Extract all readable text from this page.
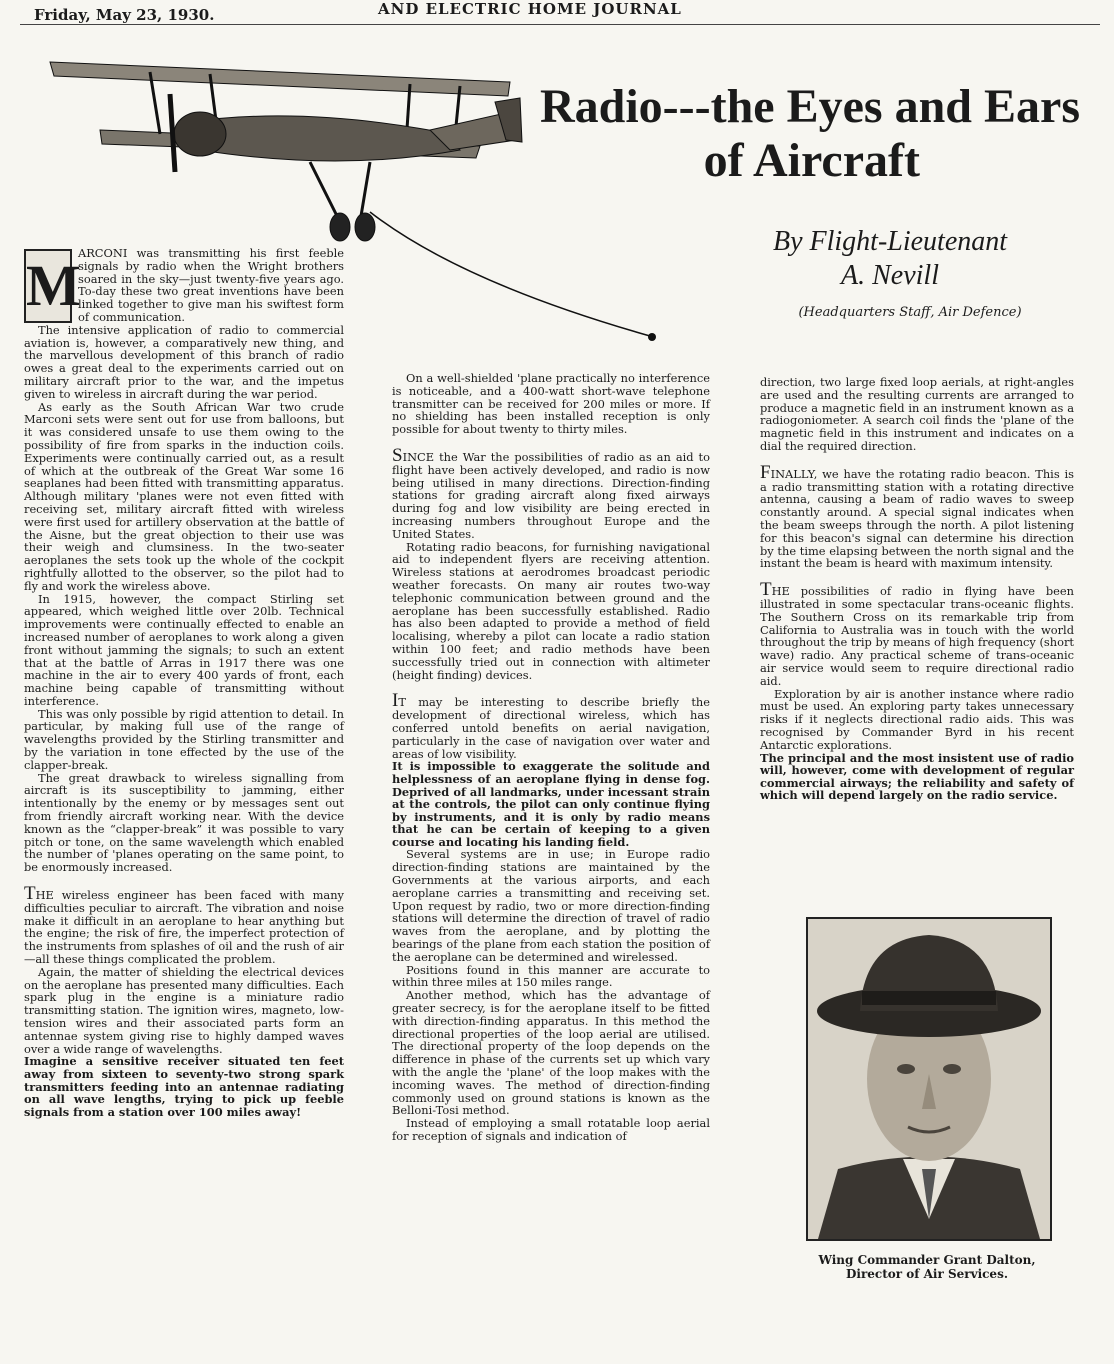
Friday, May 23, 1930.	AND ELECTRIC HOME JOURNAL
Radio---the Eyes and Ears
of Aircraft
By Flight-Lieutenant
A. Nevill
(Headquarters Staff, Air Defence)
M

ARCONI was transmitting his first feeble signals by radio when the Wright brothers soared in the sky—just twenty-five years ago. To-day these two great inventions have been linked together to give man his swiftest form of communication.

The intensive application of radio to commercial aviation is, however, a comparatively new thing, and the marvellous development of this branch of radio owes a great deal to the experiments carried out on military aircraft prior to the war, and the impetus given to wireless in aircraft during the war period.

As early as the South African War two crude Marconi sets were sent out for use from balloons, but it was considered unsafe to use them owing to the possibility of fire from sparks in the induction coils. Experiments were continually carried out, as a result of which at the outbreak of the Great War some 16 seaplanes had been fitted with transmitting apparatus. Although military 'planes were not even fitted with receiving set, military aircraft fitted with wireless were first used for artillery observation at the battle of the Aisne, but the great objection to their use was their weigh and clumsiness. In the two-seater aeroplanes the sets took up the whole of the cockpit rightfully allotted to the observer, so the pilot had to fly and work the wireless above.

In 1915, however, the compact Stirling set appeared, which weighed little over 20lb. Technical improvements were continually effected to enable an increased number of aeroplanes to work along a given front without jamming the signals; to such an extent that at the battle of Arras in 1917 there was one machine in the air to every 400 yards of front, each machine being capable of transmitting without interference.

This was only possible by rigid attention to detail. In particular, by making full use of the range of wavelengths provided by the Stirling transmitter and by the variation in tone effected by the use of the clapper-break.

The great drawback to wireless signalling from aircraft is its susceptibility to jamming, either intentionally by the enemy or by messages sent out from friendly aircraft working near. With the device known as the “clapper-break” it was possible to vary pitch or tone, on the same wavelength which enabled the number of 'planes operating on the same point, to be enormously increased.

THE wireless engineer has been faced with many difficulties peculiar to aircraft. The vibration and noise make it difficult in an aeroplane to hear anything but the engine; the risk of fire, the imperfect protection of the instruments from splashes of oil and the rush of air—all these things complicated the problem.

Again, the matter of shielding the electrical devices on the aeroplane has presented many difficulties. Each spark plug in the engine is a miniature radio transmitting station. The ignition wires, magneto, low-tension wires and their associated parts form an antennae system giving rise to highly damped waves over a wide range of wavelengths.

Imagine a sensitive receiver situated ten feet away from sixteen to seventy-two strong spark transmitters feeding into an antennae radiating on all wave lengths, trying to pick up feeble signals from a station over 100 miles away!

On a well-shielded 'plane practically no interference is noticeable, and a 400-watt short-wave telephone transmitter can be received for 200 miles or more. If no shielding has been installed reception is only possible for about twenty to thirty miles.

SINCE the War the possibilities of radio as an aid to flight have been actively developed, and radio is now being utilised in many directions. Direction-finding stations for grading aircraft along fixed airways during fog and low visibility are being erected in increasing numbers throughout Europe and the United States.

Rotating radio beacons, for furnishing navigational aid to independent flyers are receiving attention. Wireless stations at aerodromes broadcast periodic weather forecasts. On many air routes two-way telephonic communication between ground and the aeroplane has been successfully established. Radio has also been adapted to provide a method of field localising, whereby a pilot can locate a radio station within 100 feet; and radio methods have been successfully tried out in connection with altimeter (height finding) devices.

IT may be interesting to describe briefly the development of directional wireless, which has conferred untold benefits on aerial navigation, particularly in the case of navigation over water and areas of low visibility.

It is impossible to exaggerate the solitude and helplessness of an aeroplane flying in dense fog. Deprived of all landmarks, under incessant strain at the controls, the pilot can only continue flying by instruments, and it is only by radio means that he can be certain of keeping to a given course and locating his landing field.

Several systems are in use; in Europe radio direction-finding stations are maintained by the Governments at the various airports, and each aeroplane carries a transmitting and receiving set. Upon request by radio, two or more direction-finding stations will determine the direction of travel of radio waves from the aeroplane, and by plotting the bearings of the plane from each station the position of the aeroplane can be determined and wirelessed.

Positions found in this manner are accurate to within three miles at 150 miles range.

Another method, which has the advantage of greater secrecy, is for the aeroplane itself to be fitted with direction-finding apparatus. In this method the directional properties of the loop aerial are utilised. The directional property of the loop depends on the difference in phase of the currents set up which vary with the angle the 'plane' of the loop makes with the incoming waves. The method of direction-finding commonly used on ground stations is known as the Belloni-Tosi method.

Instead of employing a small rotatable loop aerial for reception of signals and indication of

direction, two large fixed loop aerials, at right-angles are used and the resulting currents are arranged to produce a magnetic field in an instrument known as a radiogoniometer. A search coil finds the 'plane of the magnetic field in this instrument and indicates on a dial the required direction.

FINALLY, we have the rotating radio beacon. This is a radio transmitting station with a rotating directive antenna, causing a beam of radio waves to sweep constantly around. A special signal indicates when the beam sweeps through the north. A pilot listening for this beacon's signal can determine his direction by the time elapsing between the north signal and the instant the beam is heard with maximum intensity.

THE possibilities of radio in flying have been illustrated in some spectacular trans-oceanic flights. The Southern Cross on its remarkable trip from California to Australia was in touch with the world throughout the trip by means of high frequency (short wave) radio. Any practical scheme of trans-oceanic air service would seem to require directional radio aid.

Exploration by air is another instance where radio must be used. An exploring party takes unnecessary risks if it neglects directional radio aids. This was recognised by Commander Byrd in his recent Antarctic explorations.

The principal and the most insistent use of radio will, however, come with development of regular commercial airways; the reliability and safety of which will depend largely on the radio service.

Wing Commander Grant Dalton,
Director of Air Services.
